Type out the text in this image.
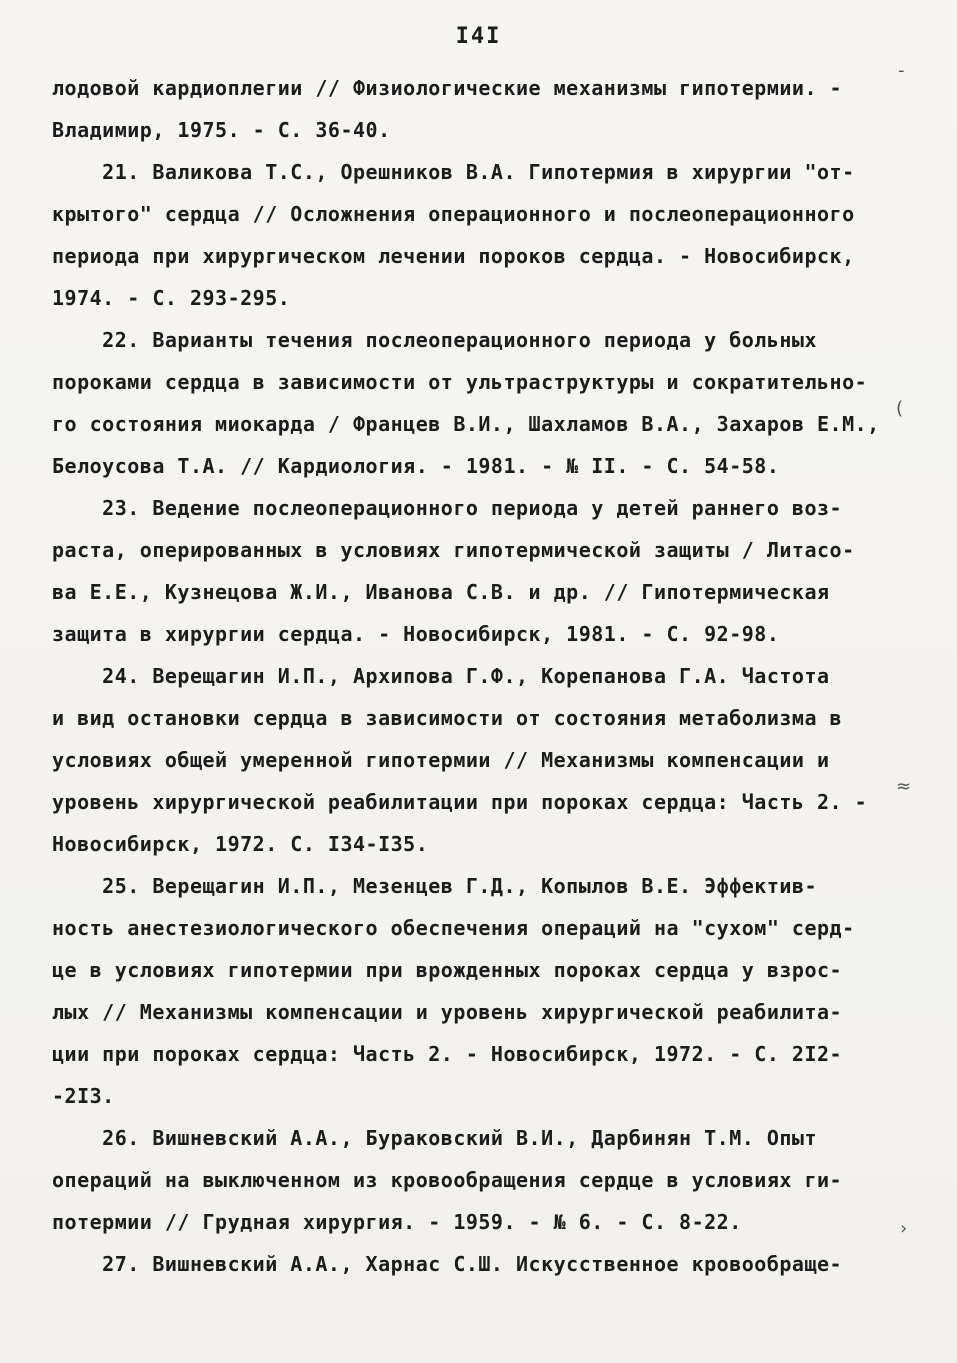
I4I
лодовой кардиоплегии // Физиологические механизмы гипотермии. -
Владимир, 1975. - С. 36-40.
21. Валикова Т.С., Орешников В.А. Гипотермия в хирургии "от-
крытого" сердца // Осложнения операционного и послеоперационного
периода при хирургическом лечении пороков сердца. - Новосибирск,
1974. - С. 293-295.
22. Варианты течения послеоперационного периода у больных
пороками сердца в зависимости от ультраструктуры и сократительно-
го состояния миокарда / Францев В.И., Шахламов В.А., Захаров Е.М.,
Белоусова Т.А. // Кардиология. - 1981. - № II. - С. 54-58.
23. Ведение послеоперационного периода у детей раннего воз-
раста, оперированных в условиях гипотермической защиты / Литасо-
ва Е.Е., Кузнецова Ж.И., Иванова С.В. и др. // Гипотермическая
защита в хирургии сердца. - Новосибирск, 1981. - С. 92-98.
24. Верещагин И.П., Архипова Г.Ф., Корепанова Г.А. Частота
и вид остановки сердца в зависимости от состояния метаболизма в
условиях общей умеренной гипотермии // Механизмы компенсации и
уровень хирургической реабилитации при пороках сердца: Часть 2. -
Новосибирск, 1972. С. I34-I35.
25. Верещагин И.П., Мезенцев Г.Д., Копылов В.Е. Эффектив-
ность анестезиологического обеспечения операций на "сухом" серд-
це в условиях гипотермии при врожденных пороках сердца у взрос-
лых // Механизмы компенсации и уровень хирургической реабилита-
ции при пороках сердца: Часть 2. - Новосибирск, 1972. - С. 2I2-
-2I3.
26. Вишневский А.А., Бураковский В.И., Дарбинян Т.М. Опыт
операций на выключенном из кровообращения сердце в условиях ги-
потермии // Грудная хирургия. - 1959. - № 6. - С. 8-22.
27. Вишневский А.А., Харнас С.Ш. Искусственное кровообраще-
‐
(
≈
›
